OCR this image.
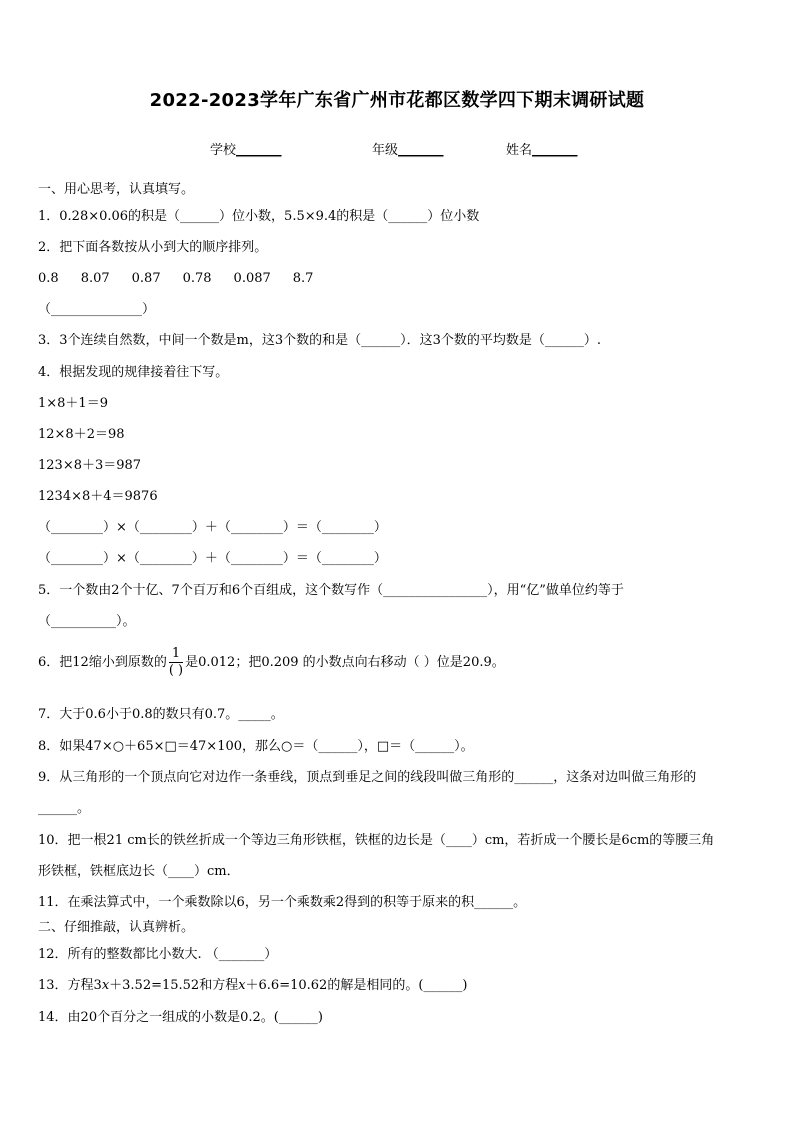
2022-2023学年广东省广州市花都区数学四下期末调研试题
学校_______	年级_______	姓名_______
一、用心思考，认真填写。
1．0.28×0.06的积是（______）位小数，5.5×9.4的积是（______）位小数
2．把下面各数按从小到大的顺序排列。
0.8 8.07 0.87 0.78 0.087 8.7
（______________）
3．3个连续自然数，中间一个数是m，这3个数的和是（______）．这3个数的平均数是（______）.
4．根据发现的规律接着往下写。
1×8＋1＝9
12×8＋2＝98
123×8＋3＝987
1234×8＋4＝9876
（________）×（________）＋（________）＝（________）
（________）×（________）＋（________）＝（________）
5．一个数由2个十亿、7个百万和6个百组成，这个数写作（________________），用“亿”做单位约等于
（__________）。
6．把12缩小到原数的 $\frac{1}{( )}$ 是0.012；把0.209 的小数点向右移动（ ）位是20.9。
7．大于0.6小于0.8的数只有0.7。_____。
8．如果47×○＋65×□＝47×100，那么○＝（______），□＝（______）。
9．从三角形的一个顶点向它对边作一条垂线，顶点到垂足之间的线段叫做三角形的______，这条对边叫做三角形的
______。
10．把一根21 cm长的铁丝折成一个等边三角形铁框，铁框的边长是（____）cm，若折成一个腰长是6cm的等腰三角
形铁框，铁框底边长（____）cm．
11．在乘法算式中，一个乘数除以6，另一个乘数乘2得到的积等于原来的积______。
二、仔细推敲，认真辨析。
12．所有的整数都比小数大. （_______）
13．方程3𝑥＋3.52=15.52和方程𝑥＋6.6=10.62的解是相同的。(______)
14．由20个百分之一组成的小数是0.2。(______)
